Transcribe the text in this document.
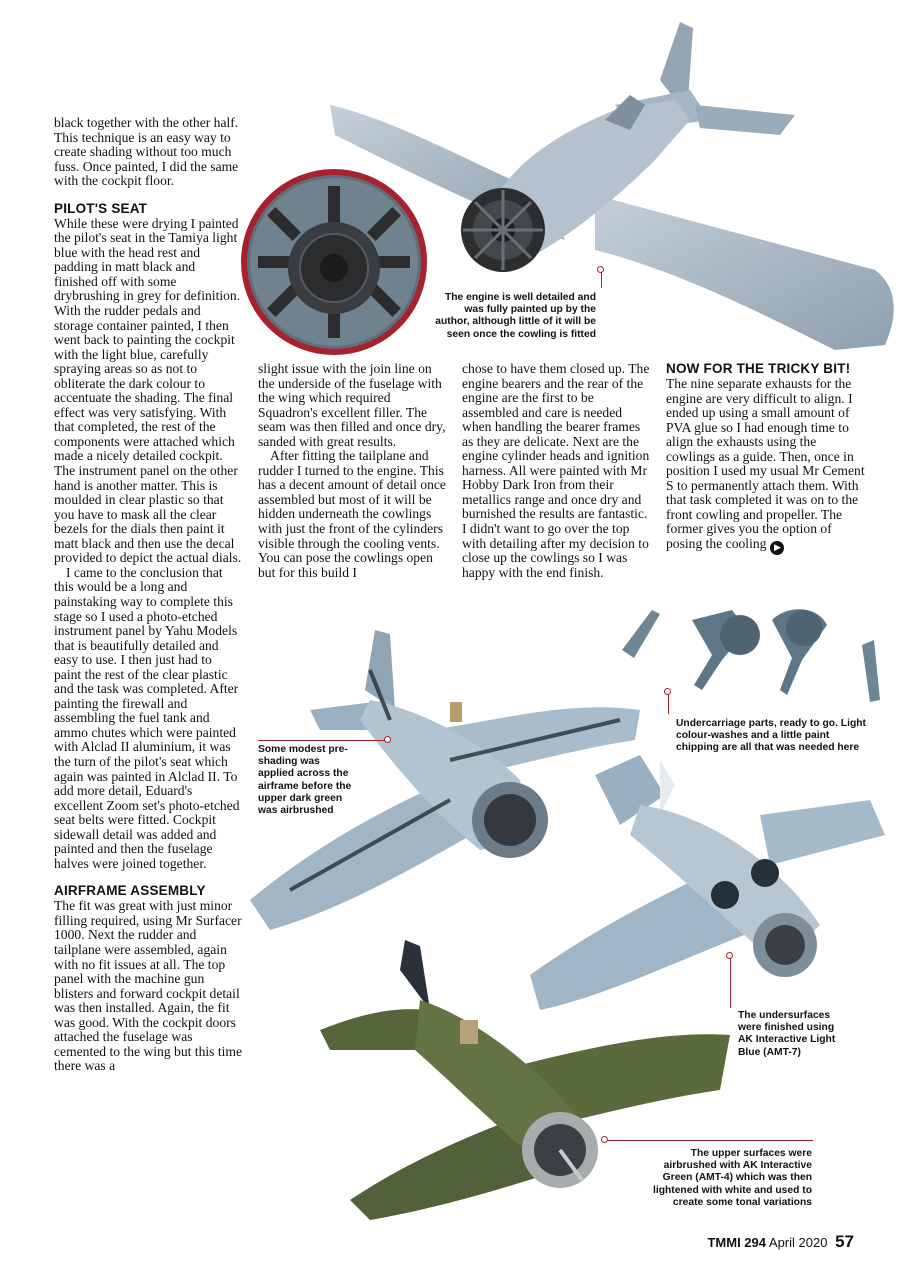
black together with the other half. This technique is an easy way to create shading without too much fuss. Once painted, I did the same with the cockpit floor.

PILOT'S SEAT

While these were drying I painted the pilot's seat in the Tamiya light blue with the head rest and padding in matt black and finished off with some drybrushing in grey for definition. With the rudder pedals and storage container painted, I then went back to painting the cockpit with the light blue, carefully spraying areas so as not to obliterate the dark colour to accentuate the shading. The final effect was very satisfying. With that completed, the rest of the components were attached which made a nicely detailed cockpit. The instrument panel on the other hand is another matter. This is moulded in clear plastic so that you have to mask all the clear bezels for the dials then paint it matt black and then use the decal provided to depict the actual dials.

I came to the conclusion that this would be a long and painstaking way to complete this stage so I used a photo-etched instrument panel by Yahu Models that is beautifully detailed and easy to use. I then just had to paint the rest of the clear plastic and the task was completed. After painting the firewall and assembling the fuel tank and ammo chutes which were painted with Alclad II aluminium, it was the turn of the pilot's seat which again was painted in Alclad II. To add more detail, Eduard's excellent Zoom set's photo-etched seat belts were fitted. Cockpit sidewall detail was added and painted and then the fuselage halves were joined together.

AIRFRAME ASSEMBLY

The fit was great with just minor filling required, using Mr Surfacer 1000. Next the rudder and tailplane were assembled, again with no fit issues at all. The top panel with the machine gun blisters and forward cockpit detail was then installed. Again, the fit was good. With the cockpit doors attached the fuselage was cemented to the wing but this time there was a

slight issue with the join line on the underside of the fuselage with the wing which required Squadron's excellent filler. The seam was then filled and once dry, sanded with great results.

After fitting the tailplane and rudder I turned to the engine. This has a decent amount of detail once assembled but most of it will be hidden underneath the cowlings with just the front of the cylinders visible through the cooling vents. You can pose the cowlings open but for this build I

chose to have them closed up. The engine bearers and the rear of the engine are the first to be assembled and care is needed when handling the bearer frames as they are delicate. Next are the engine cylinder heads and ignition harness. All were painted with Mr Hobby Dark Iron from their metallics range and once dry and burnished the results are fantastic. I didn't want to go over the top with detailing after my decision to close up the cowlings so I was happy with the end finish.

NOW FOR THE TRICKY BIT!

The nine separate exhausts for the engine are very difficult to align. I ended up using a small amount of PVA glue so I had enough time to align the exhausts using the cowlings as a guide. Then, once in position I used my usual Mr Cement S to permanently attach them. With that task completed it was on to the front cowling and propeller. The former gives you the option of posing the cooling ▶

The engine is well detailed and was fully painted up by the author, although little of it will be seen once the cowling is fitted
Undercarriage parts, ready to go. Light colour-washes and a little paint chipping are all that was needed here
Some modest pre-shading was applied across the airframe before the upper dark green was airbrushed
The undersurfaces were finished using AK Interactive Light Blue (AMT-7)
The upper surfaces were airbrushed with AK Interactive Green (AMT-4) which was then lightened with white and used to create some tonal variations
TMMI 294 April 2020 57
